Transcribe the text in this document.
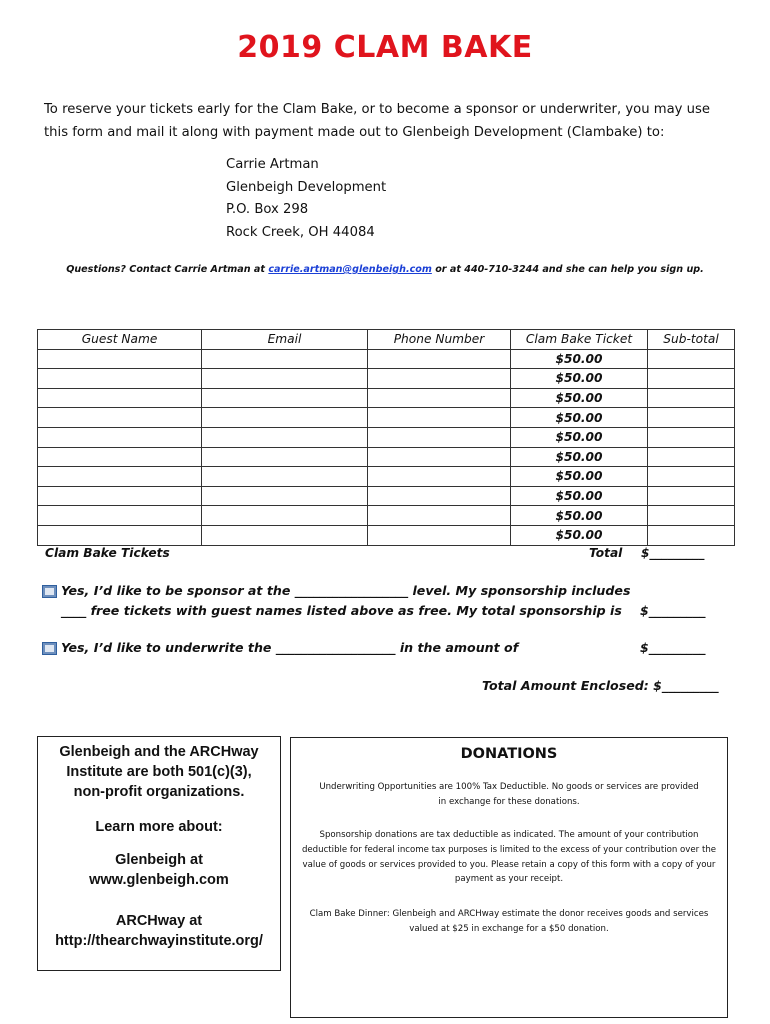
2019 CLAM BAKE
To reserve your tickets early for the Clam Bake, or to become a sponsor or underwriter, you may use this form and mail it along with payment made out to Glenbeigh Development (Clambake) to:
Carrie Artman
Glenbeigh Development
P.O. Box 298
Rock Creek, OH 44084
Questions? Contact Carrie Artman at carrie.artman@glenbeigh.com or at 440-710-3244 and she can help you sign up.
Guest Name	Email	Phone Number	Clam Bake Ticket	Sub-total
			$50.00	
			$50.00	
			$50.00	
			$50.00	
			$50.00	
			$50.00	
			$50.00	
			$50.00	
			$50.00	
			$50.00	
Clam Bake Tickets	Total $_________
Yes, I’d like to be sponsor at the __________________ level. My sponsorship includes
____ free tickets with guest names listed above as free. My total sponsorship is $_________
Yes, I’d like to underwrite the ___________________ in the amount of	$_________
Total Amount Enclosed: $_________
Glenbeigh and the ARCHway Institute are both 501(c)(3), non-profit organizations.
Learn more about:
Glenbeigh at www.glenbeigh.com
ARCHway at http://thearchwayinstitute.org/
DONATIONS
Underwriting Opportunities are 100% Tax Deductible. No goods or services are provided in exchange for these donations.
Sponsorship donations are tax deductible as indicated. The amount of your contribution deductible for federal income tax purposes is limited to the excess of your contribution over the value of goods or services provided to you. Please retain a copy of this form with a copy of your payment as your receipt.
Clam Bake Dinner: Glenbeigh and ARCHway estimate the donor receives goods and services valued at $25 in exchange for a $50 donation.
